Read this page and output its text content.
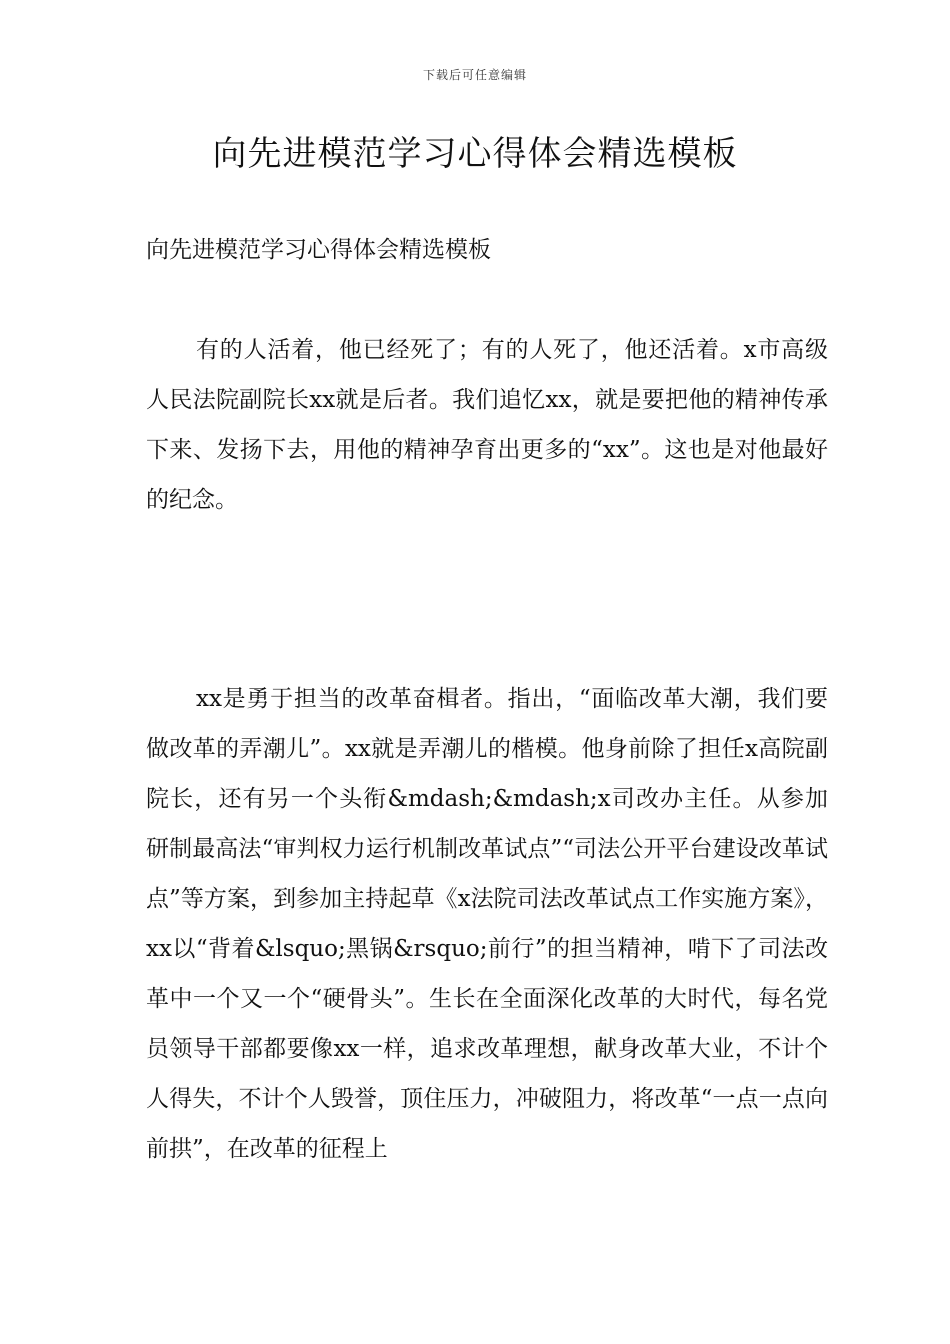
下载后可任意编辑
向先进模范学习心得体会精选模板

向先进模范学习心得体会精选模板

有的人活着，他已经死了；有的人死了，他还活着。x市高级人民法院副院长xx就是后者。我们追忆xx，就是要把他的精神传承下来、发扬下去，用他的精神孕育出更多的“xx”。这也是对他最好的纪念。

xx是勇于担当的改革奋楫者。指出，“面临改革大潮，我们要做改革的弄潮儿”。xx就是弄潮儿的楷模。他身前除了担任x高院副院长，还有另一个头衔&mdash;&mdash;x司改办主任。从参加研制最高法“审判权力运行机制改革试点”“司法公开平台建设改革试点”等方案，到参加主持起草《x法院司法改革试点工作实施方案》，xx以“背着&lsquo;黑锅&rsquo;前行”的担当精神，啃下了司法改革中一个又一个“硬骨头”。生长在全面深化改革的大时代，每名党员领导干部都要像xx一样，追求改革理想，献身改革大业，不计个人得失，不计个人毁誉，顶住压力，冲破阻力，将改革“一点一点向前拱”，在改革的征程上
